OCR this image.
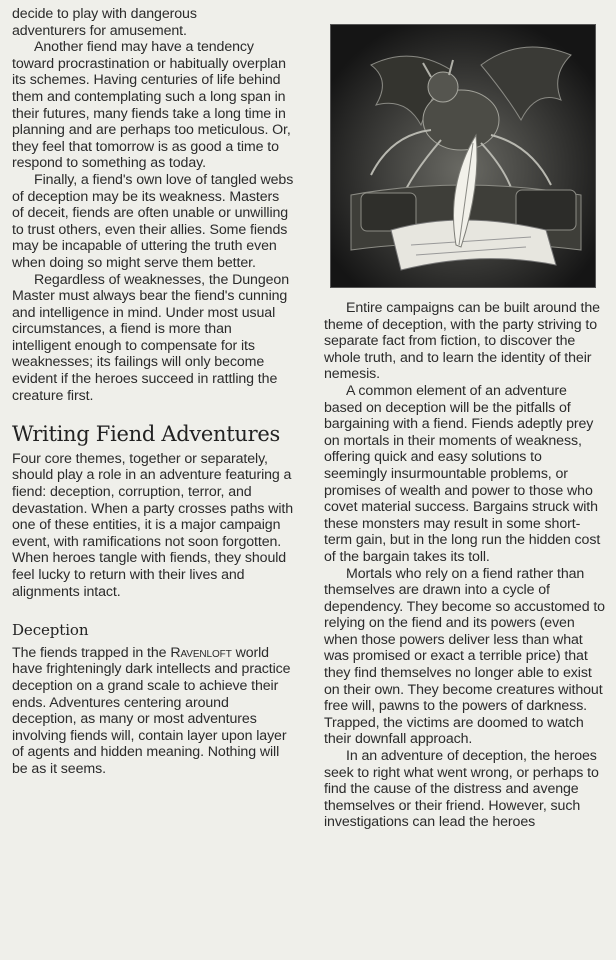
decide to play with dangerous
adventurers for amusement.

Another fiend may have a tendency toward procrastination or habitually overplan its schemes. Having centuries of life behind them and contemplating such a long span in their futures, many fiends take a long time in planning and are perhaps too meticulous. Or, they feel that tomorrow is as good a time to respond to something as today.

Finally, a fiend's own love of tangled webs of deception may be its weakness. Masters of deceit, fiends are often unable or unwilling to trust others, even their allies. Some fiends may be incapable of uttering the truth even when doing so might serve them better.

Regardless of weaknesses, the Dungeon Master must always bear the fiend's cunning and intelligence in mind. Under most usual circumstances, a fiend is more than intelligent enough to compensate for its weaknesses; its failings will only become evident if the heroes succeed in rattling the creature first.

Writing Fiend Adventures

Four core themes, together or separately, should play a role in an adventure featuring a fiend: deception, corruption, terror, and devastation. When a party crosses paths with one of these entities, it is a major campaign event, with ramifications not soon forgotten. When heroes tangle with fiends, they should feel lucky to return with their lives and alignments intact.

Deception

The fiends trapped in the Ravenloft world have frighteningly dark intellects and practice deception on a grand scale to achieve their ends. Adventures centering around deception, as many or most adventures involving fiends will, contain layer upon layer of agents and hidden meaning. Nothing will be as it seems.

Entire campaigns can be built around the theme of deception, with the party striving to separate fact from fiction, to discover the whole truth, and to learn the identity of their nemesis.

A common element of an adventure based on deception will be the pitfalls of bargaining with a fiend. Fiends adeptly prey on mortals in their moments of weakness, offering quick and easy solutions to seemingly insurmountable problems, or promises of wealth and power to those who covet material success. Bargains struck with these monsters may result in some short-term gain, but in the long run the hidden cost of the bargain takes its toll.

Mortals who rely on a fiend rather than themselves are drawn into a cycle of dependency. They become so accustomed to relying on the fiend and its powers (even when those powers deliver less than what was promised or exact a terrible price) that they find themselves no longer able to exist on their own. They become creatures without free will, pawns to the powers of darkness. Trapped, the victims are doomed to watch their downfall approach.

In an adventure of deception, the heroes seek to right what went wrong, or perhaps to find the cause of the distress and avenge themselves or their friend. However, such investigations can lead the heroes
